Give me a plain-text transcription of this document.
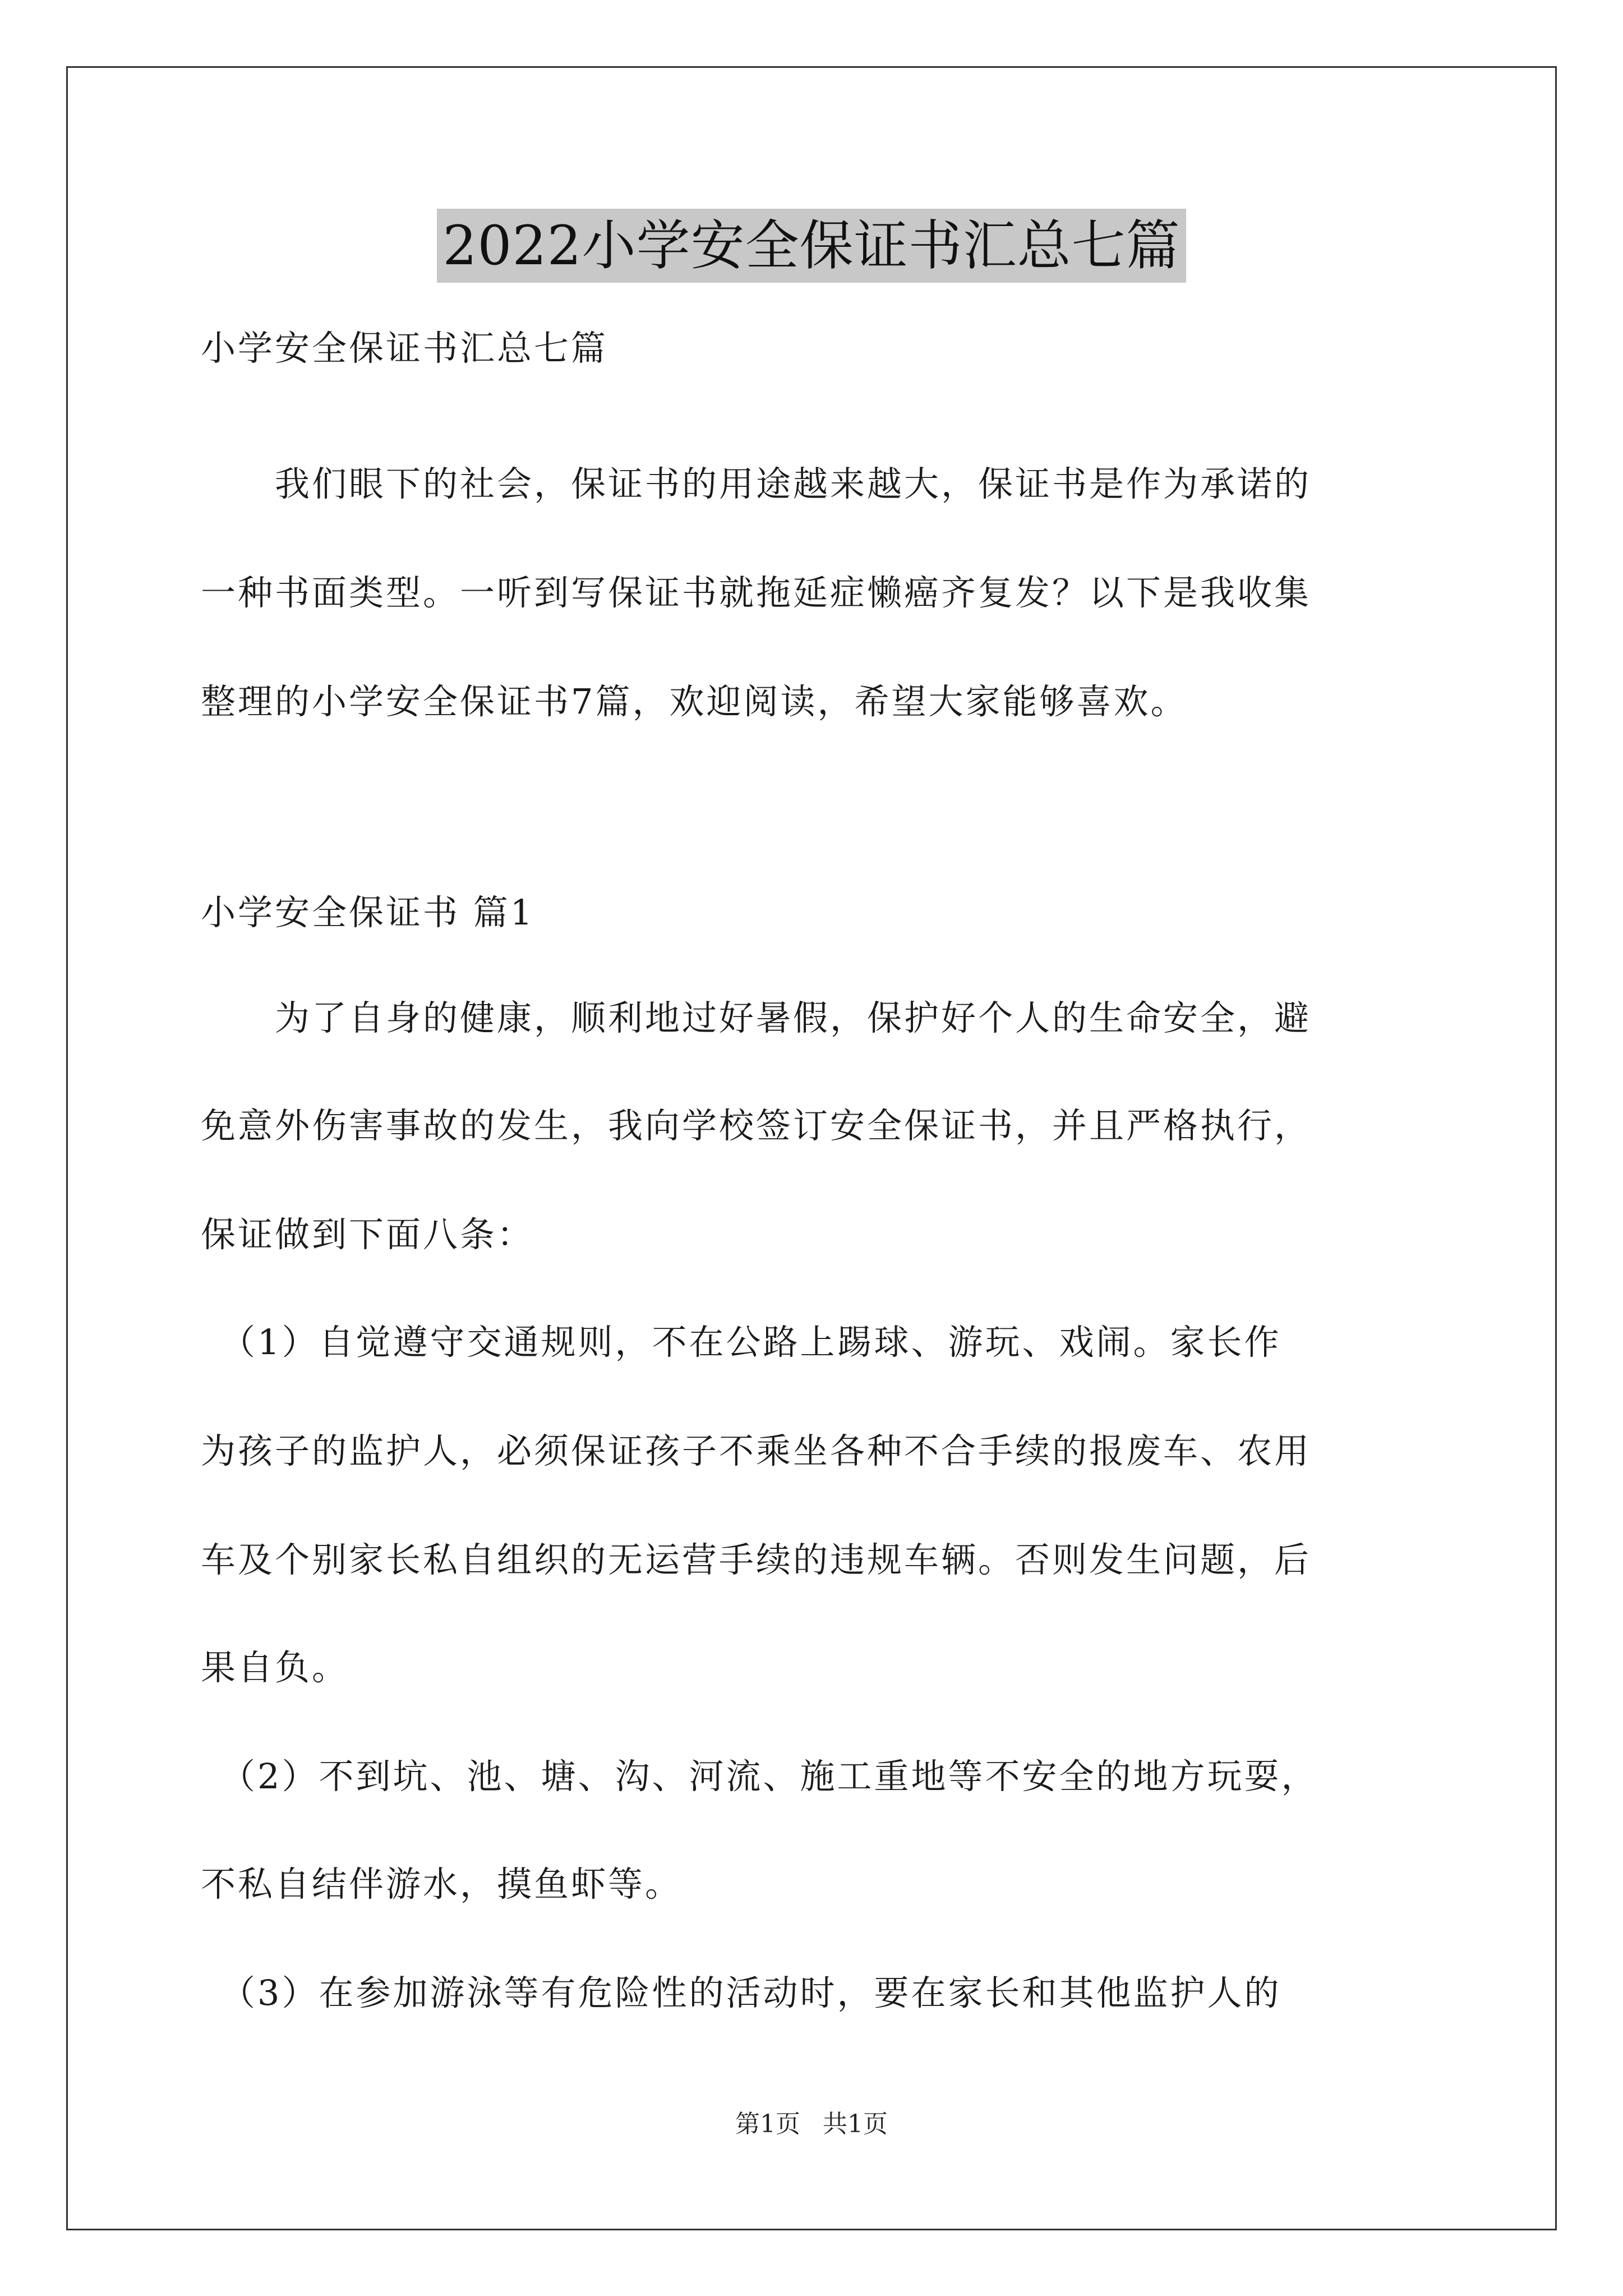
2022小学安全保证书汇总七篇
小学安全保证书汇总七篇
　　我们眼下的社会，保证书的用途越来越大，保证书是作为承诺的
一种书面类型。一听到写保证书就拖延症懒癌齐复发？以下是我收集
整理的小学安全保证书7篇，欢迎阅读，希望大家能够喜欢。
小学安全保证书 篇1
　　为了自身的健康，顺利地过好暑假，保护好个人的生命安全，避
免意外伤害事故的发生，我向学校签订安全保证书，并且严格执行，
保证做到下面八条：
　（1）自觉遵守交通规则，不在公路上踢球、游玩、戏闹。家长作
为孩子的监护人，必须保证孩子不乘坐各种不合手续的报废车、农用
车及个别家长私自组织的无运营手续的违规车辆。否则发生问题，后
果自负。
　（2）不到坑、池、塘、沟、河流、施工重地等不安全的地方玩耍，
不私自结伴游水，摸鱼虾等。
　（3）在参加游泳等有危险性的活动时，要在家长和其他监护人的
第1页 共1页
